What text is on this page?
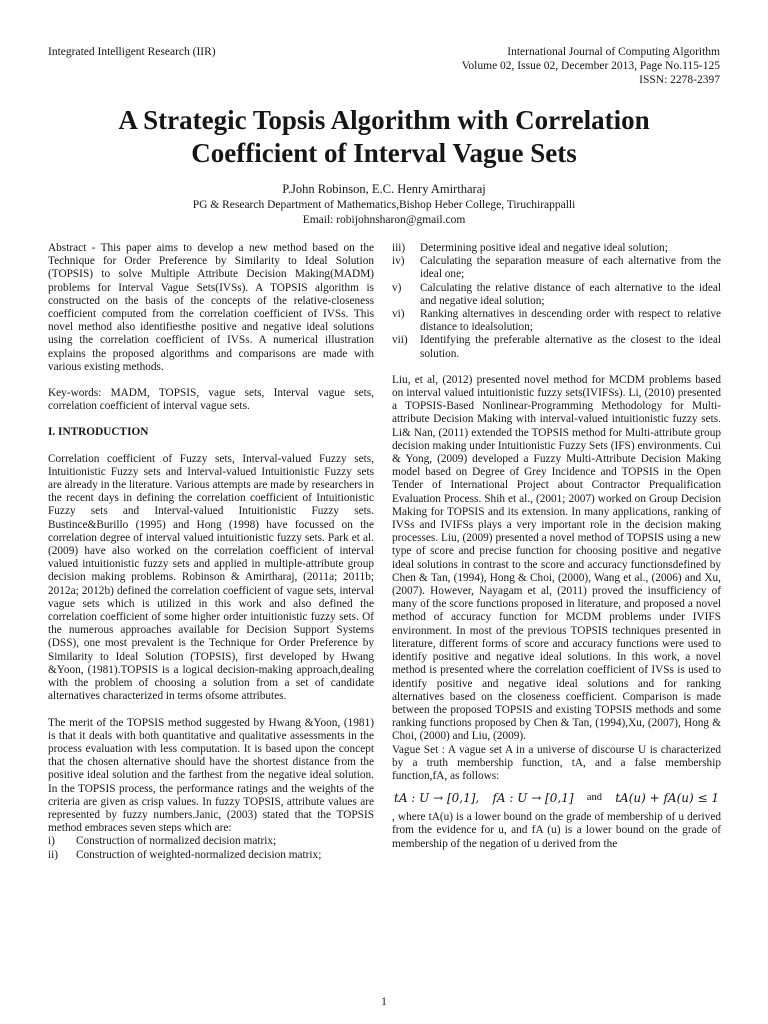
Integrated Intelligent Research (IIR)	International Journal of Computing Algorithm
Volume 02, Issue 02, December 2013, Page No.115-125
ISSN: 2278-2397
A Strategic Topsis Algorithm with Correlation
Coefficient of Interval Vague Sets
P.John Robinson, E.C. Henry Amirtharaj
PG & Research Department of Mathematics,Bishop Heber College, Tiruchirappalli
Email: robijohnsharon@gmail.com

Abstract - This paper aims to develop a new method based on the Technique for Order Preference by Similarity to Ideal Solution (TOPSIS) to solve Multiple Attribute Decision Making(MADM) problems for Interval Vague Sets(IVSs). A TOPSIS algorithm is constructed on the basis of the concepts of the relative-closeness coefficient computed from the correlation coefficient of IVSs. This novel method also identifiesthe positive and negative ideal solutions using the correlation coefficient of IVSs. A numerical illustration explains the proposed algorithms and comparisons are made with various existing methods.

Key-words: MADM, TOPSIS, vague sets, Interval vague sets, correlation coefficient of interval vague sets.

I. INTRODUCTION

Correlation coefficient of Fuzzy sets, Interval-valued Fuzzy sets, Intuitionistic Fuzzy sets and Interval-valued Intuitionistic Fuzzy sets are already in the literature. Various attempts are made by researchers in the recent days in defining the correlation coefficient of Intuitionistic Fuzzy sets and Interval-valued Intuitionistic Fuzzy sets. Bustince&Burillo (1995) and Hong (1998) have focussed on the correlation degree of interval valued intuitionistic fuzzy sets. Park et al. (2009) have also worked on the correlation coefficient of interval valued intuitionistic fuzzy sets and applied in multiple-attribute group decision making problems. Robinson & Amirtharaj, (2011a; 2011b; 2012a; 2012b) defined the correlation coefficient of vague sets, interval vague sets which is utilized in this work and also defined the correlation coefficient of some higher order intuitionistic fuzzy sets. Of the numerous approaches available for Decision Support Systems (DSS), one most prevalent is the Technique for Order Preference by Similarity to Ideal Solution (TOPSIS), first developed by Hwang &Yoon, (1981).TOPSIS is a logical decision-making approach,dealing with the problem of choosing a solution from a set of candidate alternatives characterized in terms ofsome attributes.

The merit of the TOPSIS method suggested by Hwang &Yoon, (1981) is that it deals with both quantitative and qualitative assessments in the process evaluation with less computation. It is based upon the concept that the chosen alternative should have the shortest distance from the positive ideal solution and the farthest from the negative ideal solution. In the TOPSIS process, the performance ratings and the weights of the criteria are given as crisp values. In fuzzy TOPSIS, attribute values are represented by fuzzy numbers.Janic, (2003) stated that the TOPSIS method embraces seven steps which are:

i)	Construction of normalized decision matrix;
ii)	Construction of weighted-normalized decision matrix;
iii)	Determining positive ideal and negative ideal solution;
iv)	Calculating the separation measure of each alternative from the ideal one;
v)	Calculating the relative distance of each alternative to the ideal and negative ideal solution;
vi)	Ranking alternatives in descending order with respect to relative distance to idealsolution;
vii)	Identifying the preferable alternative as the closest to the ideal solution.

Liu, et al, (2012) presented novel method for MCDM problems based on interval valued intuitionistic fuzzy sets(IVIFSs). Li, (2010) presented a TOPSIS-Based Nonlinear-Programming Methodology for Multi- attribute Decision Making with interval-valued intuitionistic fuzzy sets. Li& Nan, (2011) extended the TOPSIS method for Multi-attribute group decision making under Intuitionistic Fuzzy Sets (IFS) environments. Cui & Yong, (2009) developed a Fuzzy Multi-Attribute Decision Making model based on Degree of Grey Incidence and TOPSIS in the Open Tender of International Project about Contractor Prequalification Evaluation Process. Shih et al., (2001; 2007) worked on Group Decision Making for TOPSIS and its extension. In many applications, ranking of IVSs and IVIFSs plays a very important role in the decision making processes. Liu, (2009) presented a novel method of TOPSIS using a new type of score and precise function for choosing positive and negative ideal solutions in contrast to the score and accuracy functionsdefined by Chen & Tan, (1994), Hong & Choi, (2000), Wang et al., (2006) and Xu, (2007). However, Nayagam et al, (2011) proved the insufficiency of many of the score functions proposed in literature, and proposed a novel method of accuracy function for MCDM problems under IVIFS environment. In most of the previous TOPSIS techniques presented in literature, different forms of score and accuracy functions were used to identify positive and negative ideal solutions. In this work, a novel method is presented where the correlation coefficient of IVSs is used to identify positive and negative ideal solutions and for ranking alternatives based on the closeness coefficient. Comparison is made between the proposed TOPSIS and existing TOPSIS methods and some ranking functions proposed by Chen & Tan, (1994),Xu, (2007), Hong & Choi, (2000) and Liu, (2009).

Vague Set : A vague set A in a universe of discourse U is characterized by a truth membership function, tA, and a false membership function,fA, as follows:

tA : U → [0,1], fA : U → [0,1] and tA(u) + fA(u) ≤ 1

, where tA(u) is a lower bound on the grade of membership of u derived from the evidence for u, and fA (u) is a lower bound on the grade of membership of the negation of u derived from the

1
